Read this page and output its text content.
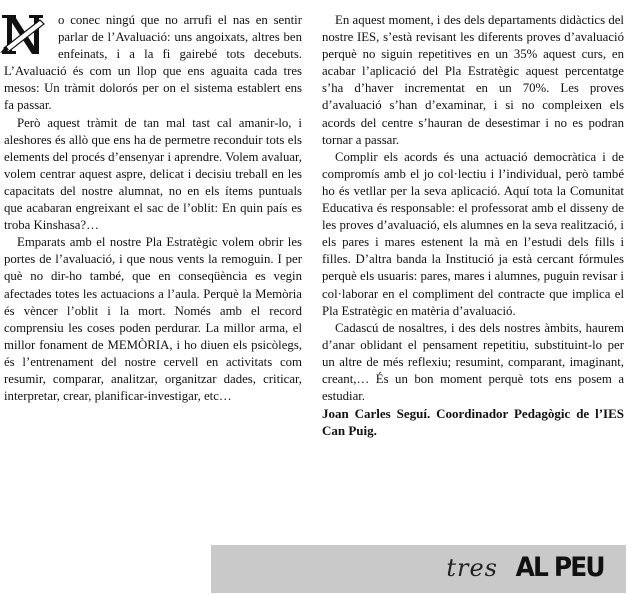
o conec ningú que no arrufi el nas en sentir parlar de l’Avaluació: uns angoixats, altres ben enfeinats, i a la fi gairebé tots decebuts. L’Avaluació és com un llop que ens aguaita cada tres mesos: Un tràmit dolorós per on el sistema establert ens fa passar.

Però aquest tràmit de tan mal tast cal amanir-lo, i aleshores és allò que ens ha de permetre reconduir tots els elements del procés d’ensenyar i aprendre. Volem avaluar, volem centrar aquest aspre, delicat i decisiu treball en les capacitats del nostre alumnat, no en els ítems puntuals que acabaran engreixant el sac de l’oblit: En quin país es troba Kinshasa?…

Emparats amb el nostre Pla Estratègic volem obrir les portes de l’avaluació, i que nous vents la remoguin. I per què no dir-ho també, que en conseqüència es vegin afectades totes les actuacions a l’aula. Perquè la Memòria és vèncer l’oblit i la mort. Només amb el record comprensiu les coses poden perdurar. La millor arma, el millor fonament de MEMÒRIA, i ho diuen els psicòlegs, és l’entrenament del nostre cervell en activitats com resumir, comparar, analitzar, organitzar dades, criticar, interpretar, crear, planificar-investigar, etc…

En aquest moment, i des dels departaments didàctics del nostre IES, s’està revisant les diferents proves d’avaluació perquè no siguin repetitives en un 35% aquest curs, en acabar l’aplicació del Pla Estratègic aquest percentatge s’ha d’haver incrementat en un 70%. Les proves d’avaluació s’han d’examinar, i si no compleixen els acords del centre s’hauran de desestimar i no es podran tornar a passar.

Complir els acords és una actuació democràtica i de compromís amb el jo col·lectiu i l’individual, però també ho és vetllar per la seva aplicació. Aquí tota la Comunitat Educativa és responsable: el professorat amb el disseny de les proves d’avaluació, els alumnes en la seva realització, i els pares i mares estenent la mà en l’estudi dels fills i filles. D’altra banda la Institució ja està cercant fórmules perquè els usuaris: pares, mares i alumnes, puguin revisar i col·laborar en el compliment del contracte que implica el Pla Estratègic en matèria d’avaluació.

Cadascú de nosaltres, i des dels nostres àmbits, haurem d’anar oblidant el pensament repetitiu, substituint-lo per un altre de més reflexiu; resumint, comparant, imaginant, creant,… És un bon moment perquè tots ens posem a estudiar.

Joan Carles Seguí. Coordinador Pedagògic de l’IES Can Puig.

tres AL PEU
